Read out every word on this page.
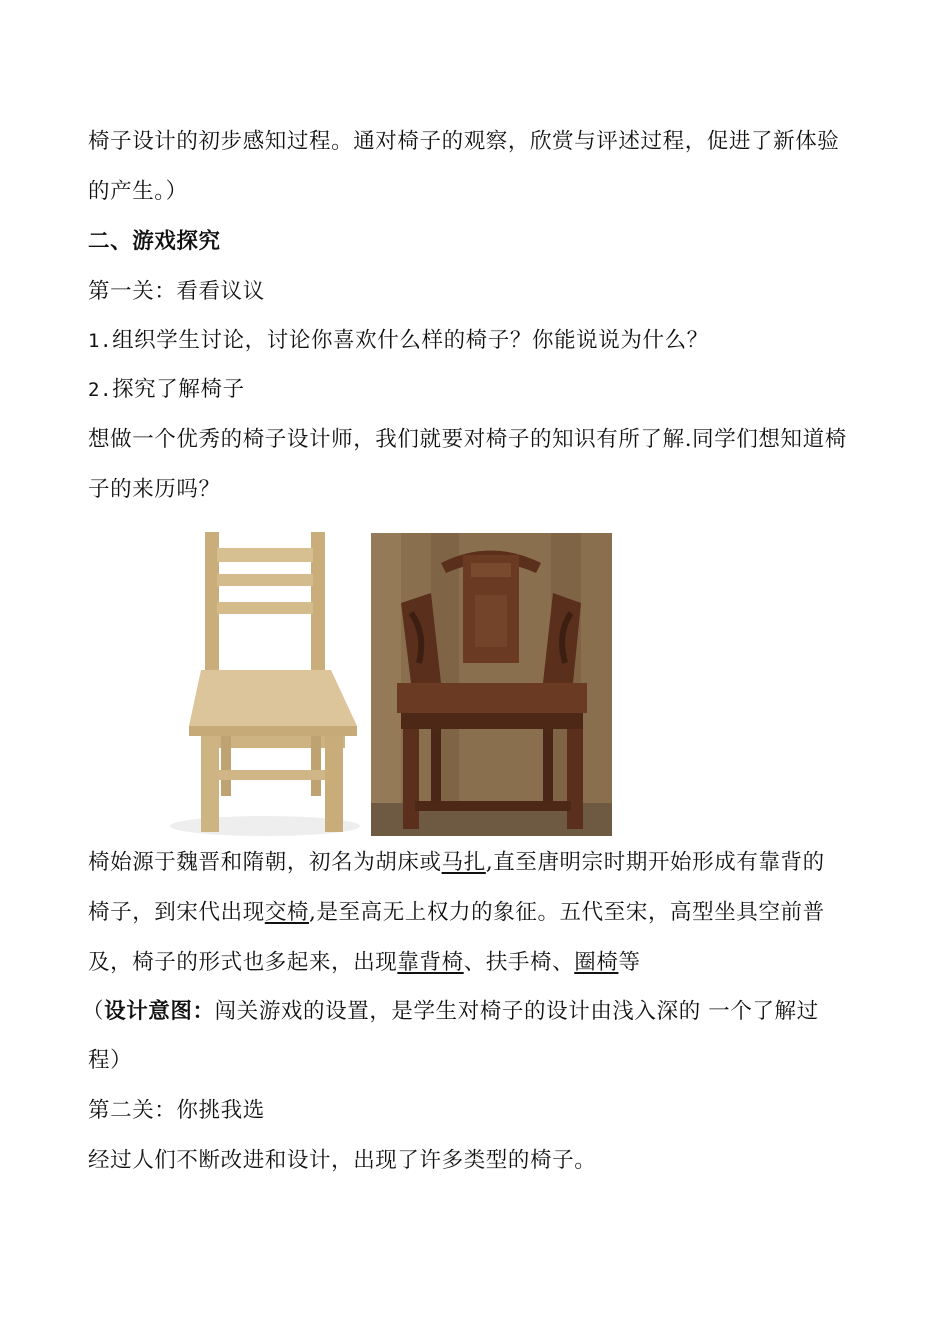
椅子设计的初步感知过程。通对椅子的观察，欣赏与评述过程，促进了新体验
的产生。）
二、游戏探究
第一关：看看议议
1.组织学生讨论，讨论你喜欢什么样的椅子？你能说说为什么？
2.探究了解椅子
想做一个优秀的椅子设计师，我们就要对椅子的知识有所了解.同学们想知道椅
子的来历吗？
椅始源于魏晋和隋朝，初名为胡床或马扎,直至唐明宗时期开始形成有靠背的
椅子，到宋代出现交椅,是至高无上权力的象征。五代至宋，高型坐具空前普
及，椅子的形式也多起来，出现靠背椅、扶手椅、圈椅等
（设计意图：闯关游戏的设置，是学生对椅子的设计由浅入深的 一个了解过
程）
第二关：你挑我选
经过人们不断改进和设计，出现了许多类型的椅子。
